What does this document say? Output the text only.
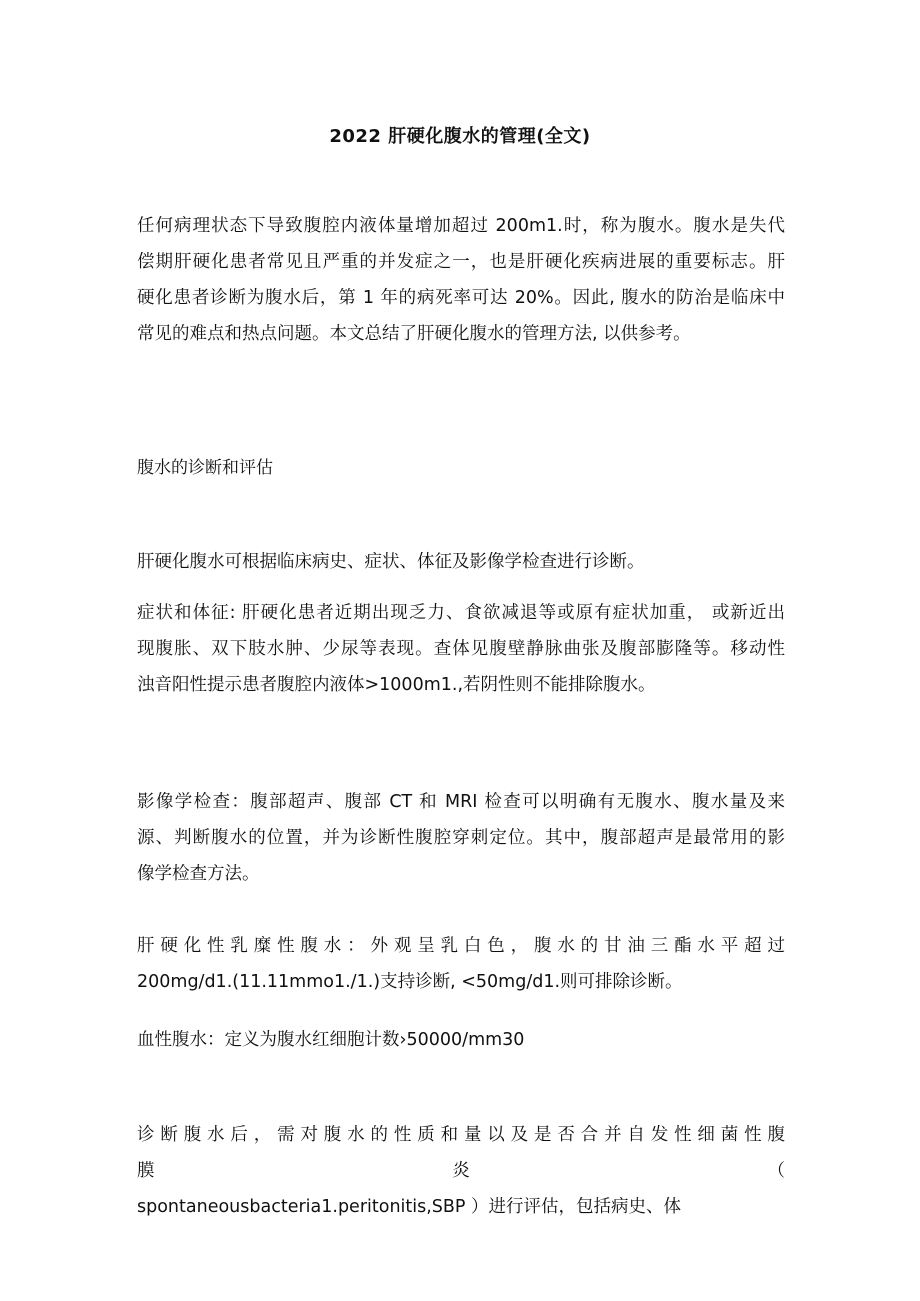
2022 肝硬化腹水的管理(全文)
任何病理状态下导致腹腔内液体量增加超过 200m1.时，称为腹水。腹水是失代
偿期肝硬化患者常见且严重的并发症之一，也是肝硬化疾病进展的重要标志。肝
硬化患者诊断为腹水后，第 1 年的病死率可达 20%。因此, 腹水的防治是临床中
常见的难点和热点问题。本文总结了肝硬化腹水的管理方法, 以供参考。
腹水的诊断和评估
肝硬化腹水可根据临床病史、症状、体征及影像学检查进行诊断。
症状和体征: 肝硬化患者近期出现乏力、食欲减退等或原有症状加重， 或新近出
现腹胀、双下肢水肿、少尿等表现。查体见腹壁静脉曲张及腹部膨隆等。移动性
浊音阳性提示患者腹腔内液体>1000m1.,若阴性则不能排除腹水。
影像学检查：腹部超声、腹部 CT 和 MRI 检查可以明确有无腹水、腹水量及来
源、判断腹水的位置，并为诊断性腹腔穿刺定位。其中，腹部超声是最常用的影
像学检查方法。
肝 硬 化 性 乳 糜 性 腹 水 ： 外 观 呈 乳 白 色 ， 腹 水 的 甘 油 三 酯 水 平 超 过
200mg/d1.(11.11mmo1./1.)支持诊断, <50mg/d1.则可排除诊断。
血性腹水：定义为腹水红细胞计数›50000/mm30
诊 断 腹 水 后 ， 需 对 腹 水 的 性 质 和 量 以 及 是 否 合 并 自 发 性 细 菌 性 腹 膜 炎 （
spontaneousbacteria1.peritonitis,SBP ）进行评估，包括病史、体
